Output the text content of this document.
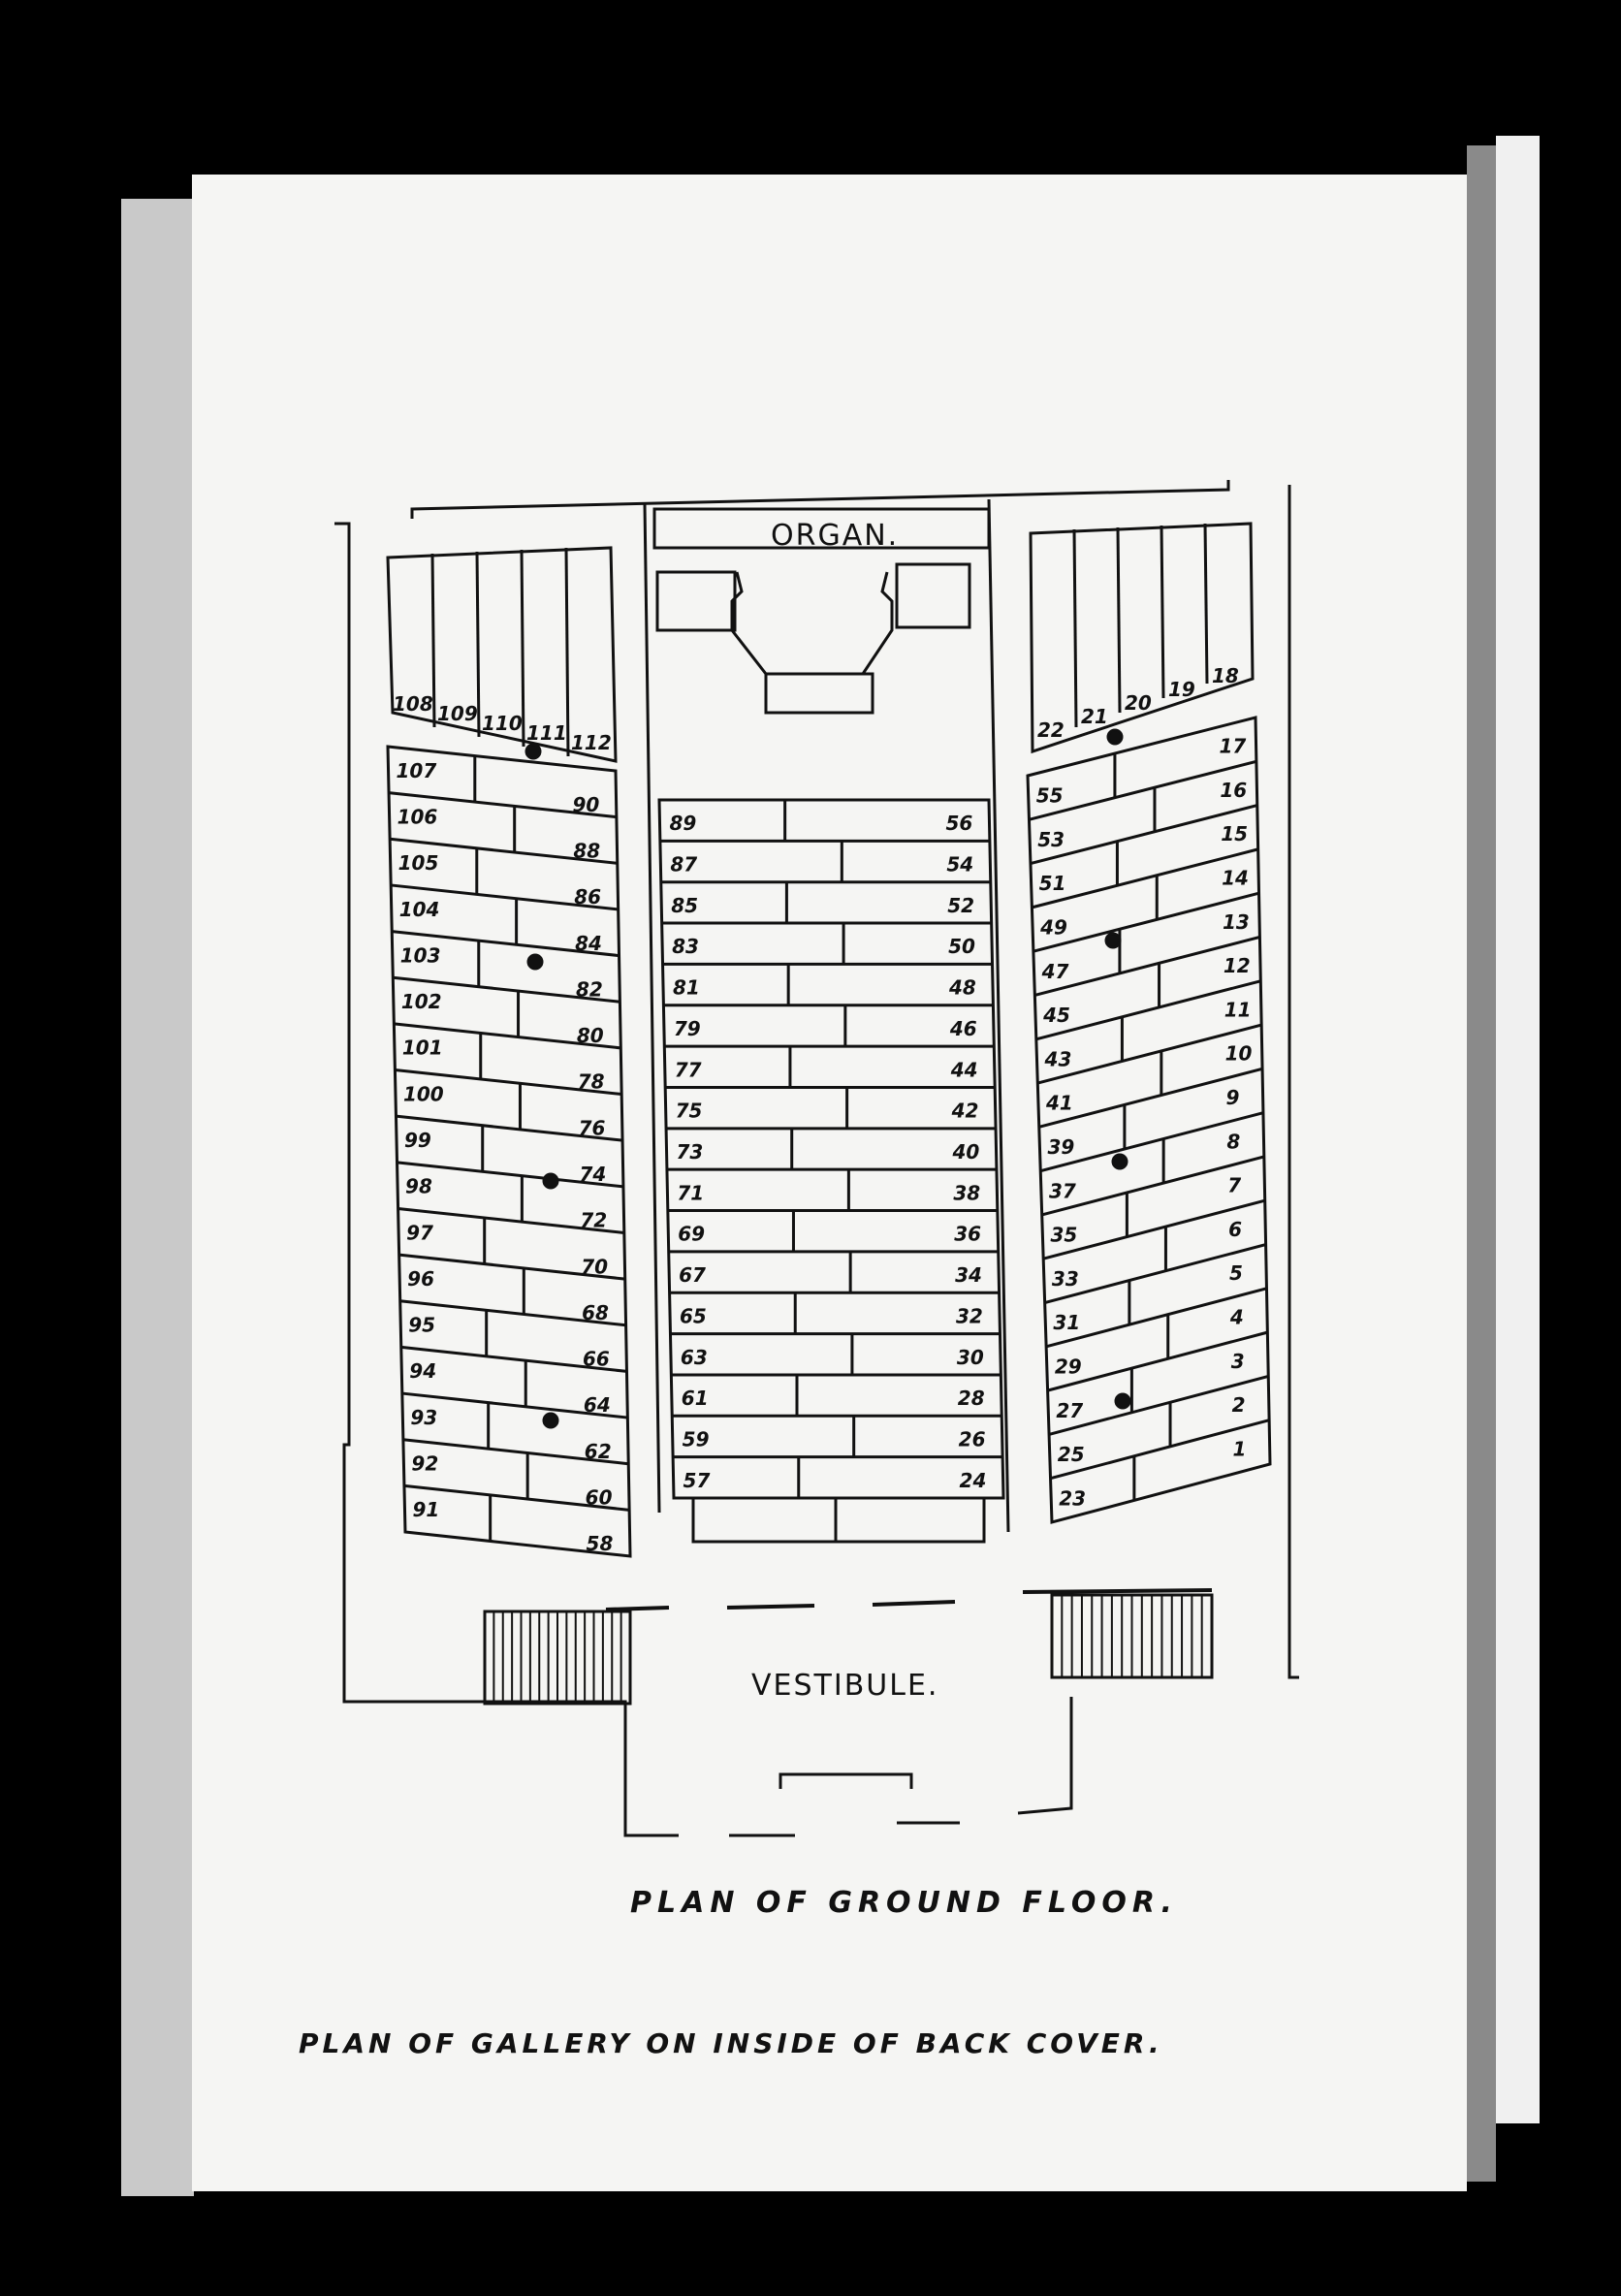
107
106
105
104
103
102
101
100
99
98
97
96
95
94
93
92
91
90
88
86
84
82
80
78
76
74
72
70
68
66
64
62
60
58
89
87
85
83
81
79
77
75
73
71
69
67
65
63
61
59
57
56
54
52
50
48
46
44
42
40
38
36
34
32
30
28
26
24
55
53
51
49
47
45
43
41
39
37
35
33
31
29
27
25
23
17
16
15
14
13
12
11
10
9
8
7
6
5
4
3
2
1
108 109 110 111 112
22
21
20
19
18
ORGAN.
VESTIBULE.
PLAN OF GROUND FLOOR.
PLAN OF GALLERY ON INSIDE OF BACK COVER.
